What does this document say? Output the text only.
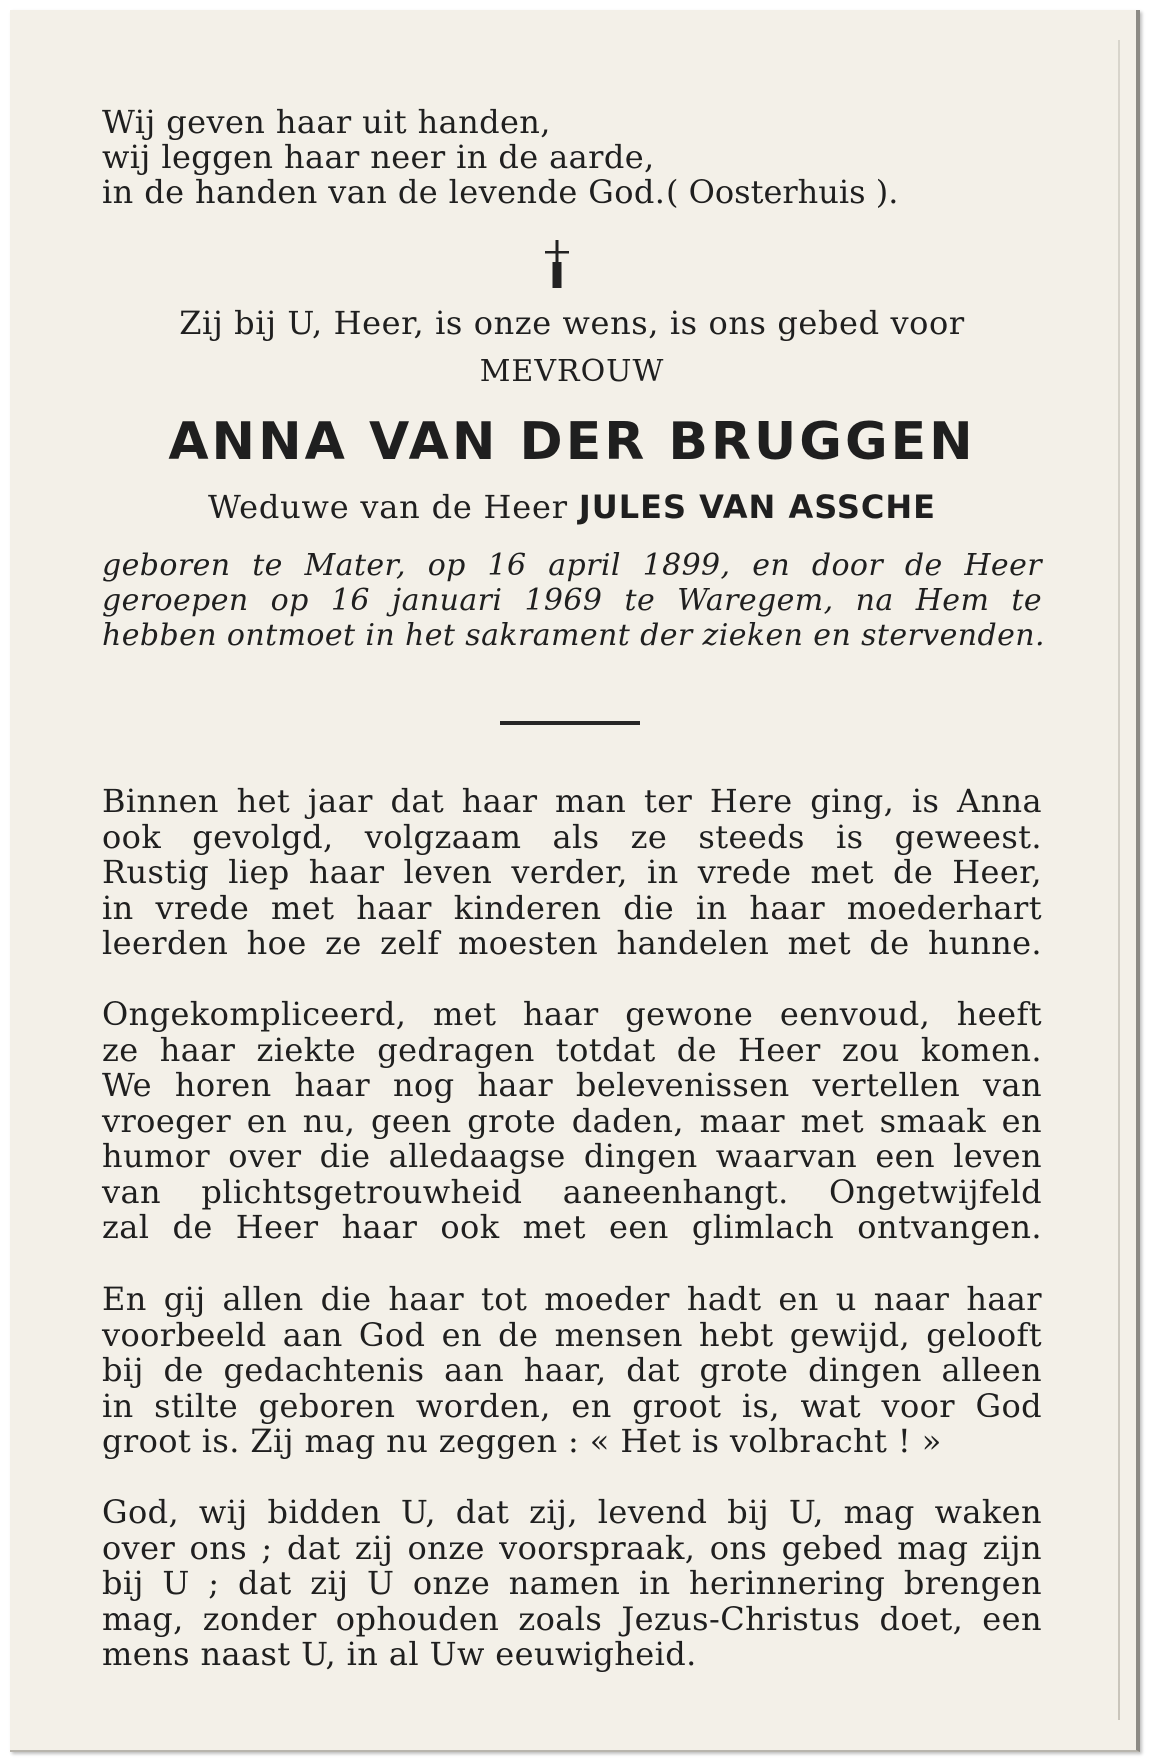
Wij geven haar uit handen,
wij leggen haar neer in de aarde,
in de handen van de levende God. ( Oosterhuis ).
Zij bij U, Heer, is onze wens, is ons gebed voor
MEVROUW
ANNA VAN DER BRUGGEN
Weduwe van de Heer JULES VAN ASSCHE
geboren te Mater, op 16 april 1899, en door de Heer
geroepen op 16 januari 1969 te Waregem, na Hem te
hebben ontmoet in het sakrament der zieken en stervenden.
Binnen het jaar dat haar man ter Here ging, is Anna
ook gevolgd, volgzaam als ze steeds is geweest.
Rustig liep haar leven verder, in vrede met de Heer,
in vrede met haar kinderen die in haar moederhart
leerden hoe ze zelf moesten handelen met de hunne.
Ongekompliceerd, met haar gewone eenvoud, heeft
ze haar ziekte gedragen totdat de Heer zou komen.
We horen haar nog haar belevenissen vertellen van
vroeger en nu, geen grote daden, maar met smaak en
humor over die alledaagse dingen waarvan een leven
van plichtsgetrouwheid aaneenhangt. Ongetwijfeld
zal de Heer haar ook met een glimlach ontvangen.
En gij allen die haar tot moeder hadt en u naar haar
voorbeeld aan God en de mensen hebt gewijd, gelooft
bij de gedachtenis aan haar, dat grote dingen alleen
in stilte geboren worden, en groot is, wat voor God
groot is. Zij mag nu zeggen : « Het is volbracht ! »
God, wij bidden U, dat zij, levend bij U, mag waken
over ons ; dat zij onze voorspraak, ons gebed mag zijn
bij U ; dat zij U onze namen in herinnering brengen
mag, zonder ophouden zoals Jezus-Christus doet, een
mens naast U, in al Uw eeuwigheid.
